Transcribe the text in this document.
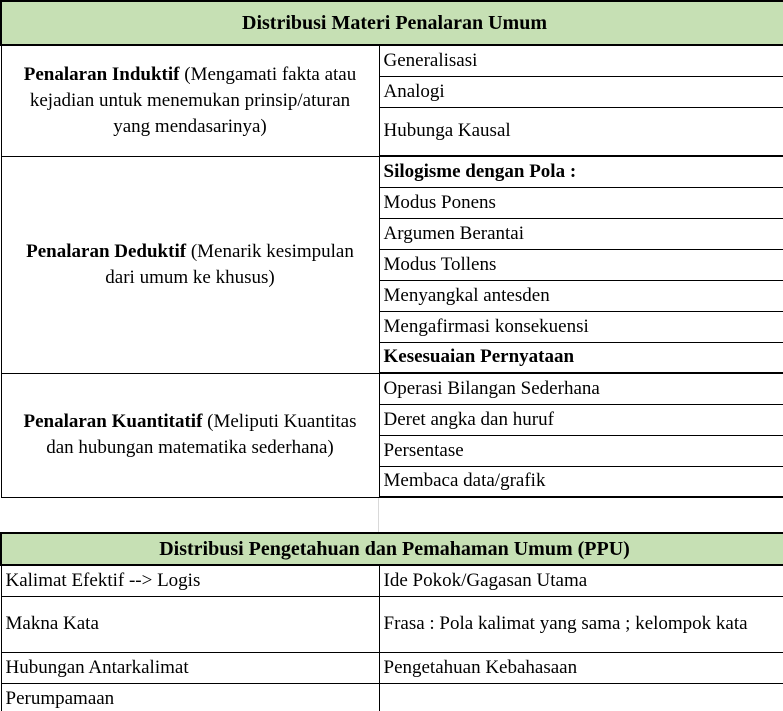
Distribusi Materi Penalaran Umum	
Penalaran Induktif (Mengamati fakta atau kejadian untuk menemukan prinsip/aturan yang mendasarinya)	Generalisasi
	Analogi
	Hubunga Kausal
Penalaran Deduktif (Menarik kesimpulan dari umum ke khusus)	Silogisme dengan Pola :
	Modus Ponens
	Argumen Berantai
	Modus Tollens
	Menyangkal antesden
	Mengafirmasi konsekuensi
	Kesesuaian Pernyataan
Penalaran Kuantitatif (Meliputi Kuantitas dan hubungan matematika sederhana)	Operasi Bilangan Sederhana
	Deret angka dan huruf
	Persentase
	Membaca data/grafik
Distribusi Pengetahuan dan Pemahaman Umum (PPU)	
Kalimat Efektif --> Logis	Ide Pokok/Gagasan Utama
Makna Kata	Frasa : Pola kalimat yang sama ; kelompok kata
Hubungan Antarkalimat	Pengetahuan Kebahasaan
Perumpamaan	
